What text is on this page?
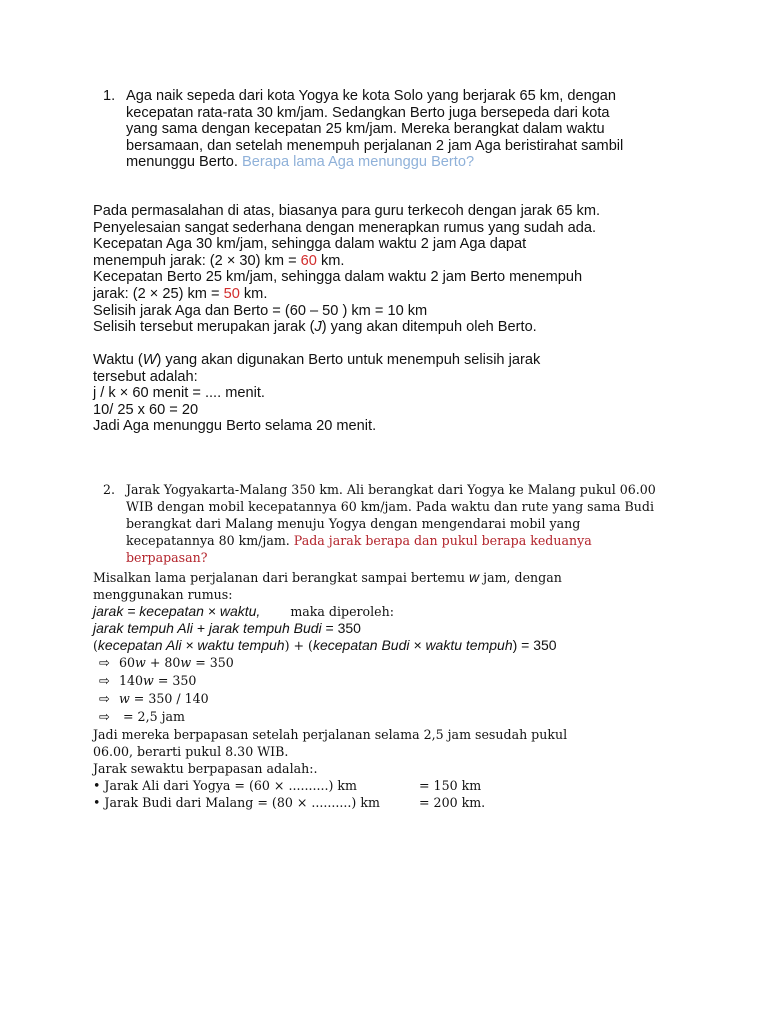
1. Aga naik sepeda dari kota Yogya ke kota Solo yang berjarak 65 km, dengan
kecepatan rata-rata 30 km/jam. Sedangkan Berto juga bersepeda dari kota
yang sama dengan kecepatan 25 km/jam. Mereka berangkat dalam waktu
bersamaan, dan setelah menempuh perjalanan 2 jam Aga beristirahat sambil
menunggu Berto. Berapa lama Aga menunggu Berto?
Pada permasalahan di atas, biasanya para guru terkecoh dengan jarak 65 km.
Penyelesaian sangat sederhana dengan menerapkan rumus yang sudah ada.
Kecepatan Aga 30 km/jam, sehingga dalam waktu 2 jam Aga dapat
menempuh jarak: (2 × 30) km = 60 km.
Kecepatan Berto 25 km/jam, sehingga dalam waktu 2 jam Berto menempuh
jarak: (2 × 25) km = 50 km.
Selisih jarak Aga dan Berto = (60 – 50 ) km = 10 km
Selisih tersebut merupakan jarak (J) yang akan ditempuh oleh Berto.
Waktu (W) yang akan digunakan Berto untuk menempuh selisih jarak
tersebut adalah:
j / k × 60 menit = .... menit.
10/ 25 x 60 = 20
Jadi Aga menunggu Berto selama 20 menit.
2. Jarak Yogyakarta-Malang 350 km. Ali berangkat dari Yogya ke Malang pukul 06.00
WIB dengan mobil kecepatannya 60 km/jam. Pada waktu dan rute yang sama Budi
berangkat dari Malang menuju Yogya dengan mengendarai mobil yang
kecepatannya 80 km/jam. Pada jarak berapa dan pukul berapa keduanya
berpapasan?
Misalkan lama perjalanan dari berangkat sampai bertemu w jam, dengan
menggunakan rumus:
jarak = kecepatan × waktu, maka diperoleh:
jarak tempuh Ali + jarak tempuh Budi = 350
(kecepatan Ali × waktu tempuh) + (kecepatan Budi × waktu tempuh) = 350
⇨ 60w + 80w = 350
⇨ 140w = 350
⇨ w = 350 / 140
⇨ = 2,5 jam
Jadi mereka berpapasan setelah perjalanan selama 2,5 jam sesudah pukul
06.00, berarti pukul 8.30 WIB.
Jarak sewaktu berpapasan adalah:.
• Jarak Ali dari Yogya = (60 × ..........) km	= 150 km
• Jarak Budi dari Malang = (80 × ..........) km	= 200 km.
